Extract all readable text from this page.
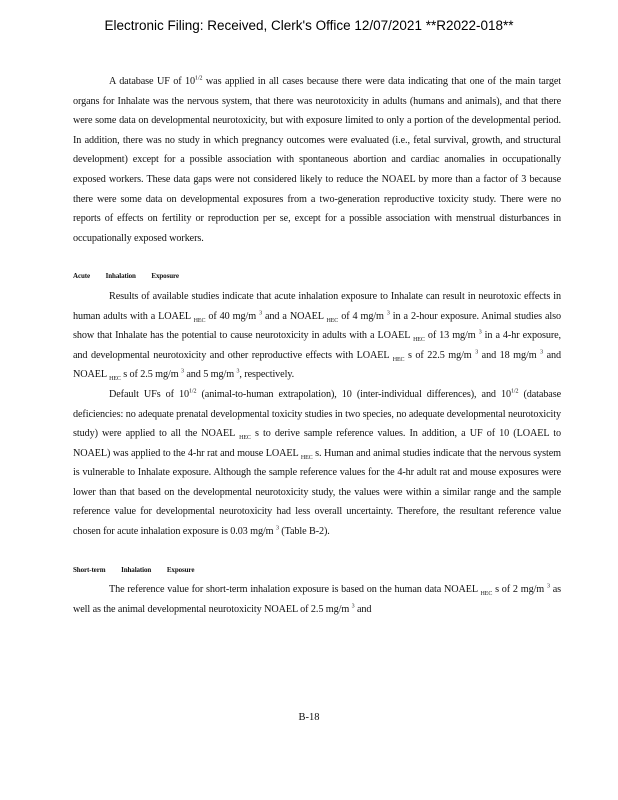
Electronic Filing: Received, Clerk's Office 12/07/2021 **R2022-018**

A database UF of $10^{1/2}$ was applied in all cases because there were data indicating that one of the main target organs for Inhalate was the nervous system, that there was neurotoxicity in adults (humans and animals), and that there were some data on developmental neurotoxicity, but with exposure limited to only a portion of the developmental period. In addition, there was no study in which pregnancy outcomes were evaluated (i.e., fetal survival, growth, and structural development) except for a possible association with spontaneous abortion and cardiac anomalies in occupationally exposed workers. These data gaps were not considered likely to reduce the NOAEL by more than a factor of 3 because there were some data on developmental exposures from a two-generation reproductive toxicity study. There were no reports of effects on fertility or reproduction per se, except for a possible association with menstrual disturbances in occupationally exposed workers.

Acute Inhalation Exposure

Results of available studies indicate that acute inhalation exposure to Inhalate can result in neurotoxic effects in human adults with a LOAEL $_{HEC}$ of 40 mg/m $^3$ and a NOAEL $_{HEC}$ of 4 mg/m $^3$ in a 2-hour exposure. Animal studies also show that Inhalate has the potential to cause neurotoxicity in adults with a LOAEL $_{HEC}$ of 13 mg/m $^3$ in a 4-hr exposure, and developmental neurotoxicity and other reproductive effects with LOAEL $_{HEC}$ s of 22.5 mg/m $^3$ and 18 mg/m $^3$ and NOAEL $_{HEC}$ s of 2.5 mg/m $^3$ and 5 mg/m $^3$, respectively.

Default UFs of $10^{1/2}$ (animal-to-human extrapolation), 10 (inter-individual differences), and $10^{1/2}$ (database deficiencies: no adequate prenatal developmental toxicity studies in two species, no adequate developmental neurotoxicity study) were applied to all the NOAEL $_{HEC}$ s to derive sample reference values. In addition, a UF of 10 (LOAEL to NOAEL) was applied to the 4-hr rat and mouse LOAEL $_{HEC}$ s. Human and animal studies indicate that the nervous system is vulnerable to Inhalate exposure. Although the sample reference values for the 4-hr adult rat and mouse exposures were lower than that based on the developmental neurotoxicity study, the values were within a similar range and the sample reference value for developmental neurotoxicity had less overall uncertainty. Therefore, the resultant reference value chosen for acute inhalation exposure is 0.03 mg/m $^3$ (Table B-2).

Short-term Inhalation Exposure

The reference value for short-term inhalation exposure is based on the human data NOAEL $_{HEC}$ s of 2 mg/m $^3$ as well as the animal developmental neurotoxicity NOAEL of 2.5 mg/m $^3$ and

B-18
